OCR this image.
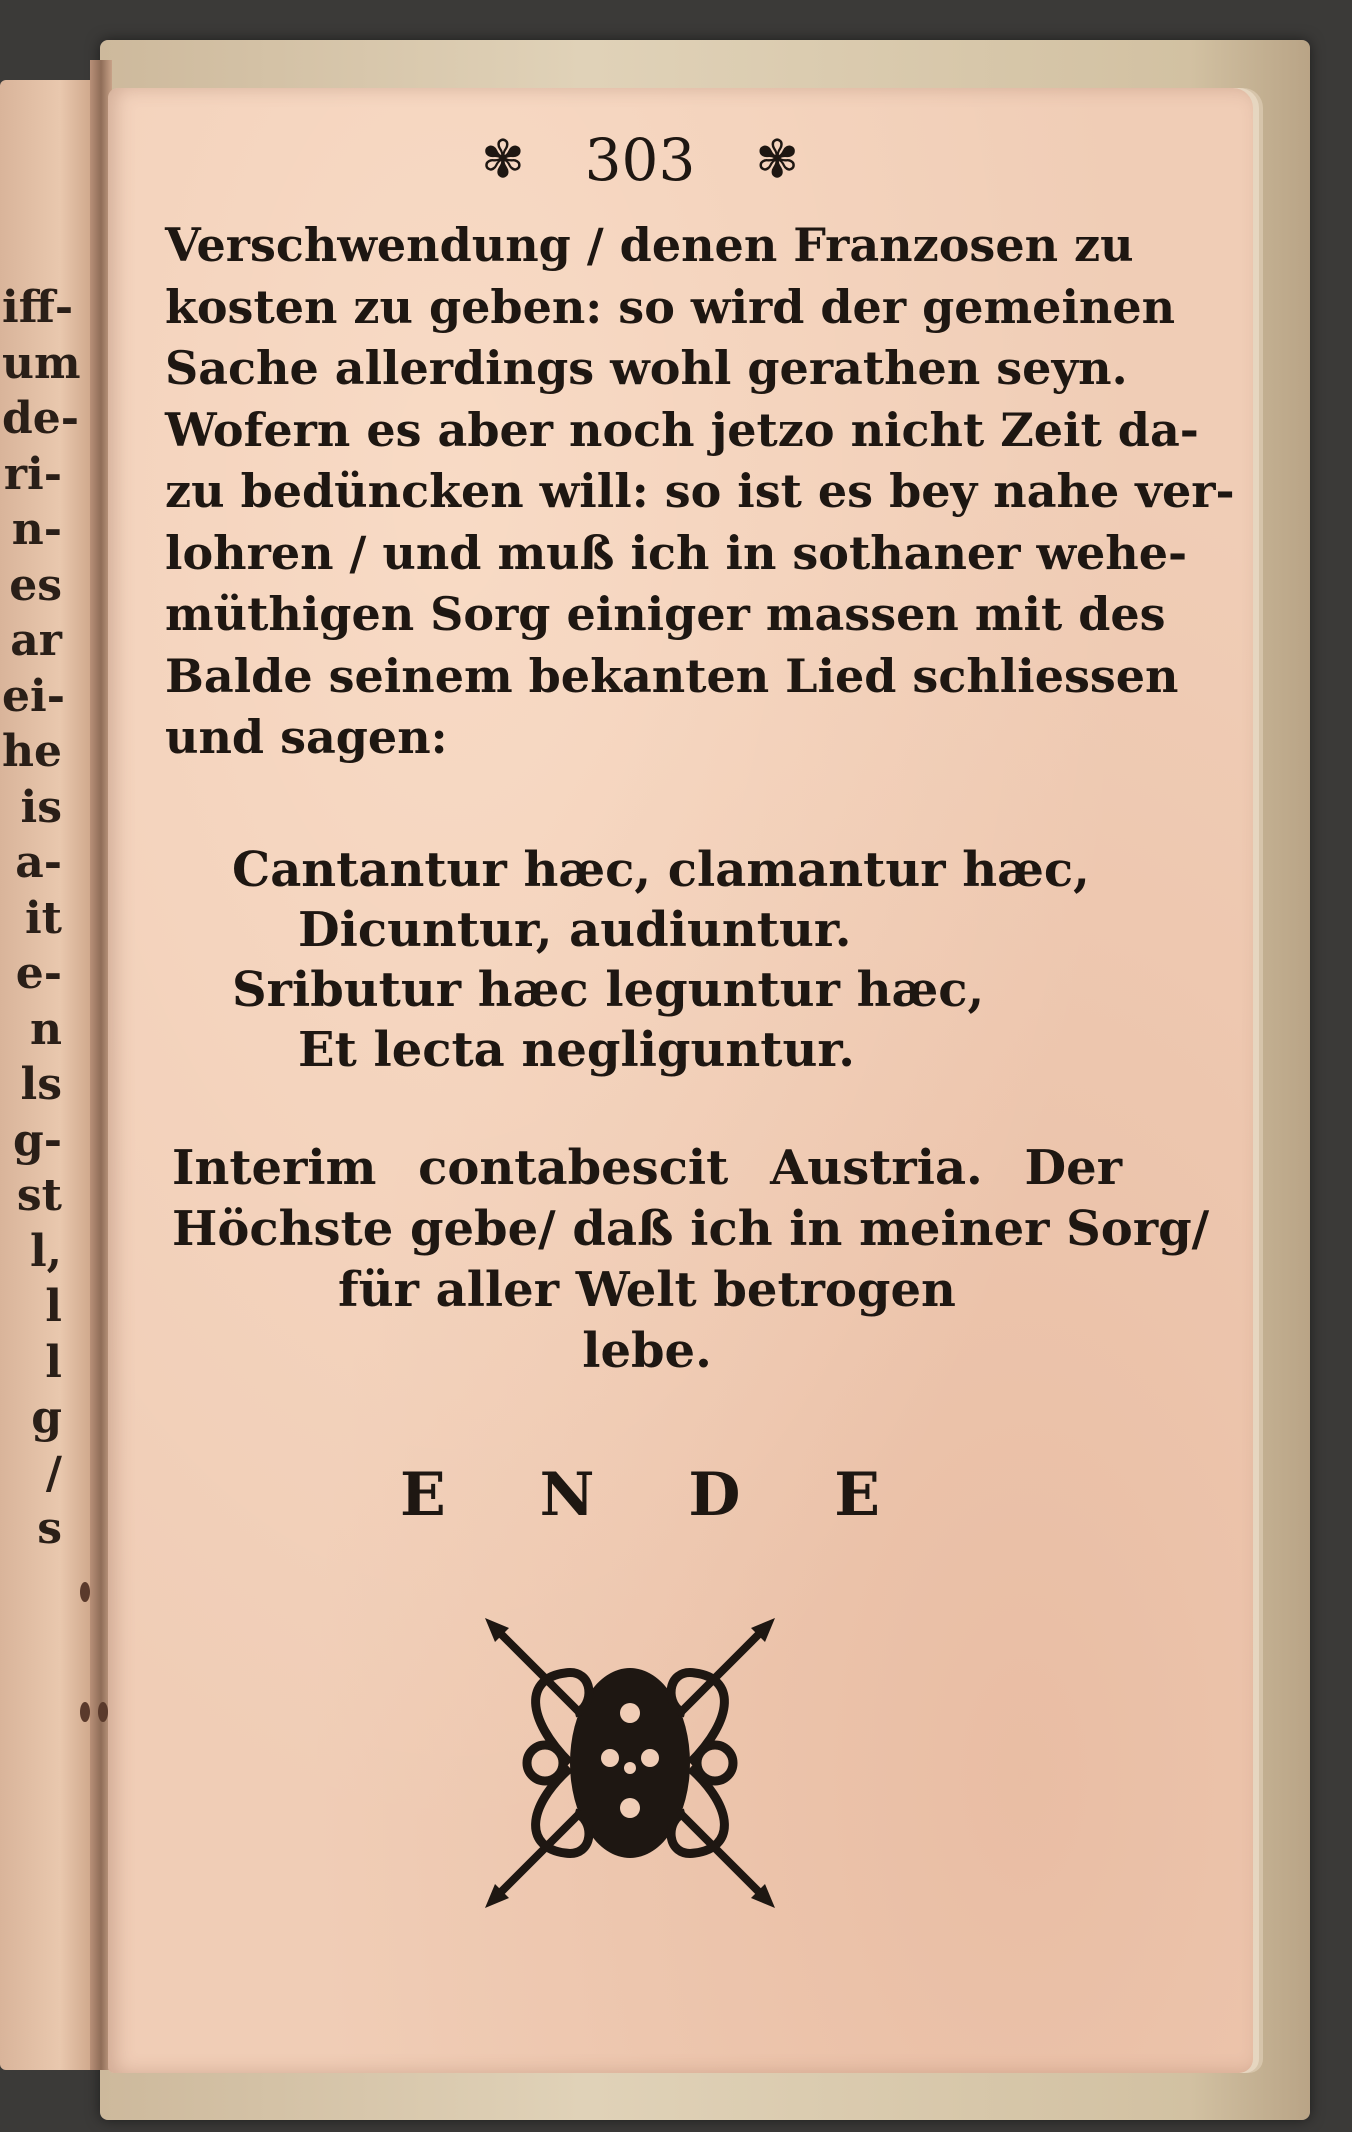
iff-
um
de-
ri-
n-
es
ar
ei-
he
is
a-
it
e-
n
ls
g-
st
l,
l
l
g
/
s
✾ 303 ✾
Verschwendung / denen Franzosen zu
kosten zu geben: so wird der gemeinen
Sache allerdings wohl gerathen seyn.
Wofern es aber noch jetzo nicht Zeit da-
zu bedüncken will: so ist es bey nahe ver-
lohren / und muß ich in sothaner wehe-
müthigen Sorg einiger massen mit des
Balde seinem bekanten Lied schliessen
und sagen:
Cantantur hæc, clamantur hæc,
Dicuntur, audiuntur.
Sributur hæc leguntur hæc,
Et lecta negliguntur.
Interim contabescit Austria. Der
Höchste gebe/ daß ich in meiner Sorg/
für aller Welt betrogen
lebe.
E N D E
